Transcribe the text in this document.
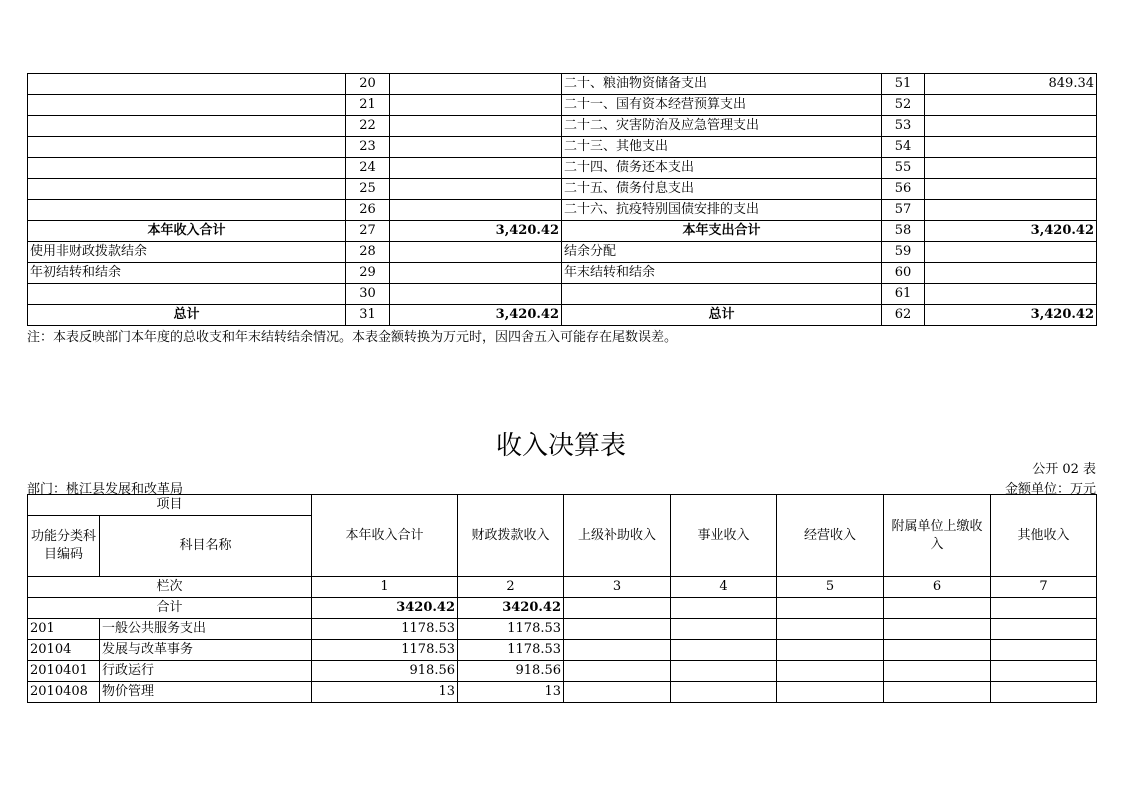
	20		二十、粮油物资储备支出	51	849.34
	21		二十一、国有资本经营预算支出	52	
	22		二十二、灾害防治及应急管理支出	53	
	23		二十三、其他支出	54	
	24		二十四、债务还本支出	55	
	25		二十五、债务付息支出	56	
	26		二十六、抗疫特别国债安排的支出	57	
本年收入合计	27	3,420.42	本年支出合计	58	3,420.42
使用非财政拨款结余	28		结余分配	59	
年初结转和结余	29		年末结转和结余	60	
	30			61	
总计	31	3,420.42	总计	62	3,420.42
注：本表反映部门本年度的总收支和年末结转结余情况。本表金额转换为万元时，因四舍五入可能存在尾数误差。
收入决算表
公开 02 表
部门：桃江县发展和改革局	金额单位：万元
项目		本年收入合计	财政拨款收入	上级补助收入	事业收入	经营收入	附属单位上缴收入	其他收入
功能分类科目编码	科目名称							
栏次		1	2	3	4	5	6	7
合计		3420.42	3420.42					
201	一般公共服务支出	1178.53	1178.53					
20104	发展与改革事务	1178.53	1178.53					
2010401	行政运行	918.56	918.56					
2010408	物价管理	13	13					
